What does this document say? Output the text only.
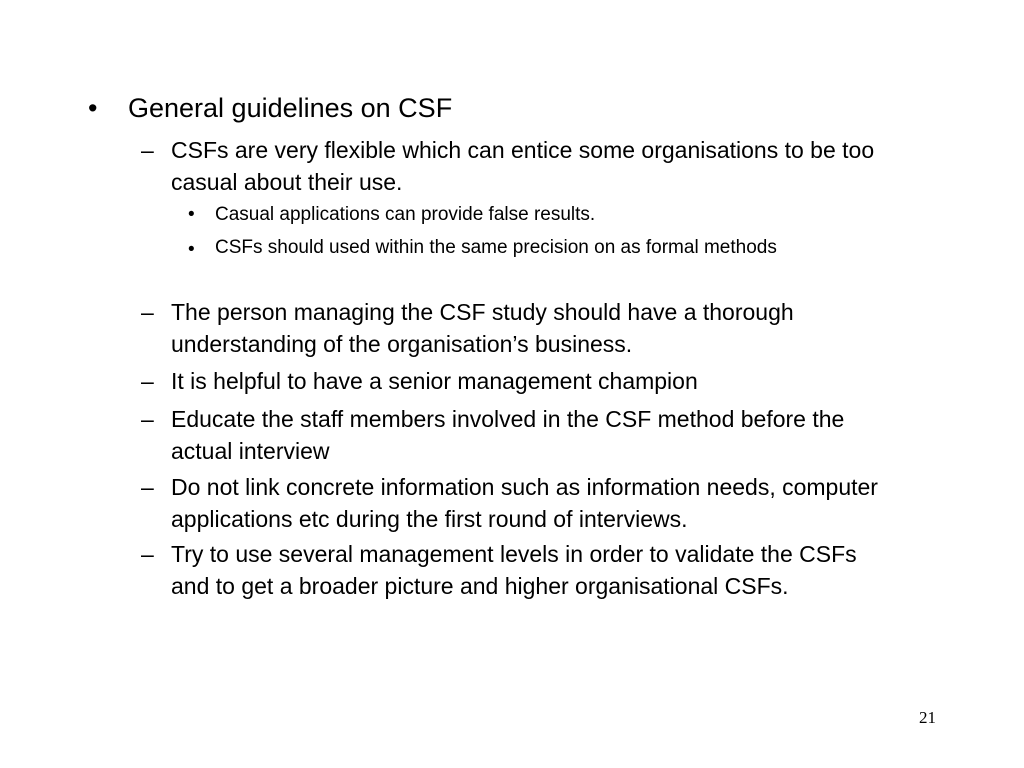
•	General guidelines on CSF
– CSFs are very flexible which can entice some organisations to be too casual about their use.
•	Casual applications can provide false results.
•	CSFs should used within the same precision on as formal methods
– The person managing the CSF study should have a thorough understanding of the organisation’s business.
– It is helpful to have a senior management champion
– Educate the staff members involved in the CSF method before the actual interview
– Do not link concrete information such as information needs, computer applications etc during the first round of interviews.
– Try to use several management levels in order to validate the CSFs and to get a broader picture and higher organisational CSFs.
21
